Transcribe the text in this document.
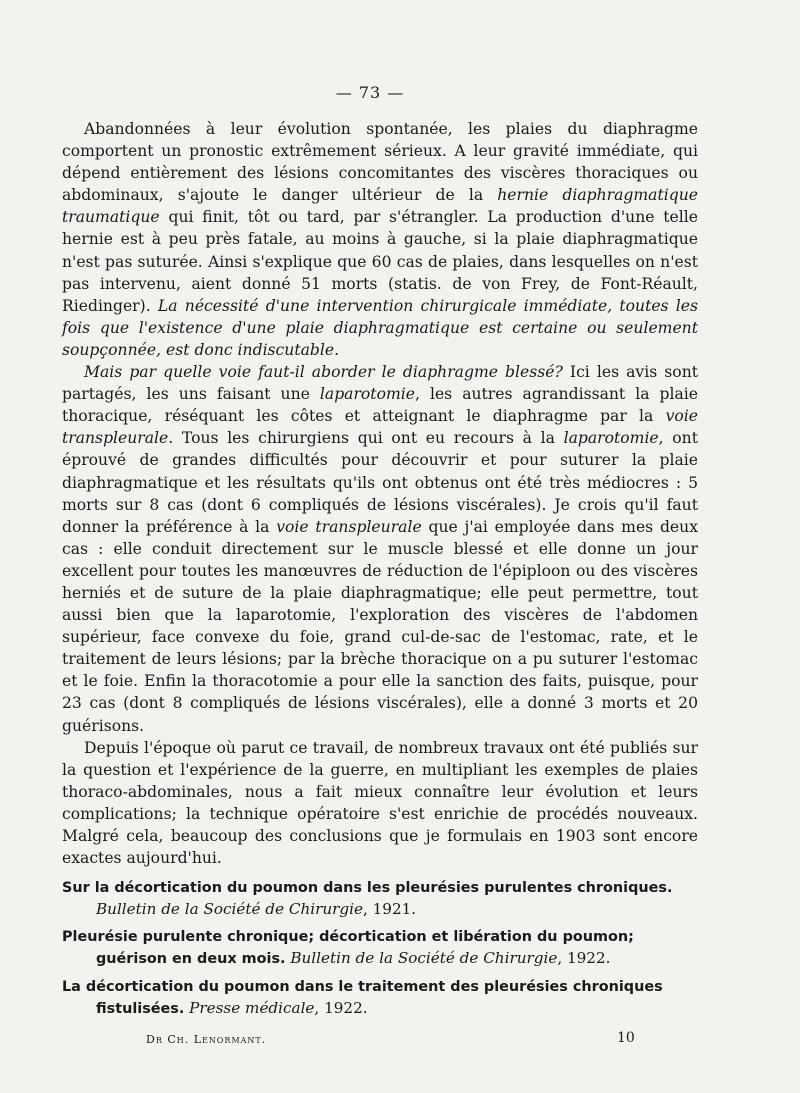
— 73 —

Abandonnées à leur évolution spontanée, les plaies du diaphragme comportent un pronostic extrêmement sérieux. A leur gravité immédiate, qui dépend entièrement des lésions concomitantes des viscères thoraciques ou abdominaux, s'ajoute le danger ultérieur de la hernie diaphragmatique traumatique qui finit, tôt ou tard, par s'étrangler. La production d'une telle hernie est à peu près fatale, au moins à gauche, si la plaie diaphragmatique n'est pas suturée. Ainsi s'explique que 60 cas de plaies, dans lesquelles on n'est pas intervenu, aient donné 51 morts (statis. de von Frey, de Font-Réault, Riedinger). La nécessité d'une intervention chirurgicale immédiate, toutes les fois que l'existence d'une plaie diaphragmatique est certaine ou seulement soupçonnée, est donc indiscutable.

Mais par quelle voie faut-il aborder le diaphragme blessé? Ici les avis sont partagés, les uns faisant une laparotomie, les autres agrandissant la plaie thoracique, réséquant les côtes et atteignant le diaphragme par la voie transpleurale. Tous les chirurgiens qui ont eu recours à la laparotomie, ont éprouvé de grandes difficultés pour découvrir et pour suturer la plaie diaphragmatique et les résultats qu'ils ont obtenus ont été très médiocres : 5 morts sur 8 cas (dont 6 compliqués de lésions viscérales). Je crois qu'il faut donner la préférence à la voie transpleurale que j'ai employée dans mes deux cas : elle conduit directement sur le muscle blessé et elle donne un jour excellent pour toutes les manœuvres de réduction de l'épiploon ou des viscères herniés et de suture de la plaie diaphragmatique; elle peut permettre, tout aussi bien que la laparotomie, l'exploration des viscères de l'abdomen supérieur, face convexe du foie, grand cul-de-sac de l'estomac, rate, et le traitement de leurs lésions; par la brèche thoracique on a pu suturer l'estomac et le foie. Enfin la thoracotomie a pour elle la sanction des faits, puisque, pour 23 cas (dont 8 compliqués de lésions viscérales), elle a donné 3 morts et 20 guérisons.

Depuis l'époque où parut ce travail, de nombreux travaux ont été publiés sur la question et l'expérience de la guerre, en multipliant les exemples de plaies thoraco-abdominales, nous a fait mieux connaître leur évolution et leurs complications; la technique opératoire s'est enrichie de procédés nouveaux. Malgré cela, beaucoup des conclusions que je formulais en 1903 sont encore exactes aujourd'hui.

Sur la décortication du poumon dans les pleurésies purulentes chroniques. Bulletin de la Société de Chirurgie, 1921.

Pleurésie purulente chronique; décortication et libération du poumon; guérison en deux mois. Bulletin de la Société de Chirurgie, 1922.

La décortication du poumon dans le traitement des pleurésies chroniques fistulisées. Presse médicale, 1922.

Dr Ch. Lenormant.	10
